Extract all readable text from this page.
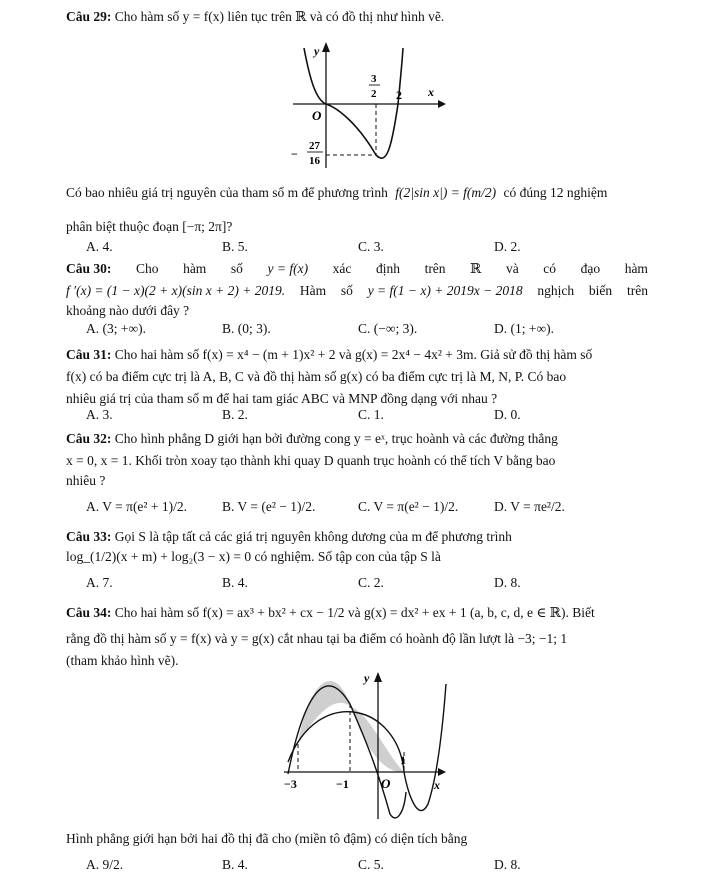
Câu 29: Cho hàm số y = f(x) liên tục trên ℝ và có đồ thị như hình vẽ.
y
x
O
3
2 2
−
27
16
Có bao nhiêu giá trị nguyên của tham số m để phương trình f(2|sin x|) = f(m/2) có đúng 12 nghiệm
phân biệt thuộc đoạn [−π; 2π]?
A. 4.	B. 5.	C. 3.	D. 2.
Câu 30: Cho hàm số y = f(x) xác định trên ℝ và có đạo hàm
f ′(x) = (1 − x)(2 + x)(sin x + 2) + 2019. Hàm số y = f(1 − x) + 2019x − 2018 nghịch biến trên
khoảng nào dưới đây ?
A. (3; +∞).	B. (0; 3).	C. (−∞; 3).	D. (1; +∞).
Câu 31: Cho hai hàm số f(x) = x⁴ − (m + 1)x² + 2 và g(x) = 2x⁴ − 4x² + 3m. Giả sử đồ thị hàm số
f(x) có ba điểm cực trị là A, B, C và đồ thị hàm số g(x) có ba điểm cực trị là M, N, P. Có bao
nhiêu giá trị của tham số m để hai tam giác ABC và MNP đồng dạng với nhau ?
A. 3.	B. 2.	C. 1.	D. 0.
Câu 32: Cho hình phẳng D giới hạn bởi đường cong y = eˣ, trục hoành và các đường thẳng
x = 0, x = 1. Khối tròn xoay tạo thành khi quay D quanh trục hoành có thể tích V bằng bao
nhiêu ?
A. V = π(e² + 1)/2.	B. V = (e² − 1)/2.	C. V = π(e² − 1)/2.	D. V = πe²/2.
Câu 33: Gọi S là tập tất cả các giá trị nguyên không dương của m để phương trình
log_(1/2)(x + m) + log₂(3 − x) = 0 có nghiệm. Số tập con của tập S là
A. 7.	B. 4.	C. 2.	D. 8.
Câu 34: Cho hai hàm số f(x) = ax³ + bx² + cx − 1/2 và g(x) = dx² + ex + 1 (a, b, c, d, e ∈ ℝ). Biết
rằng đồ thị hàm số y = f(x) và y = g(x) cắt nhau tại ba điểm có hoành độ lần lượt là −3; −1; 1
(tham khảo hình vẽ).
y
x
O
−3	−1
1
Hình phẳng giới hạn bởi hai đồ thị đã cho (miền tô đậm) có diện tích bằng
A. 9/2.	B. 4.	C. 5.	D. 8.
